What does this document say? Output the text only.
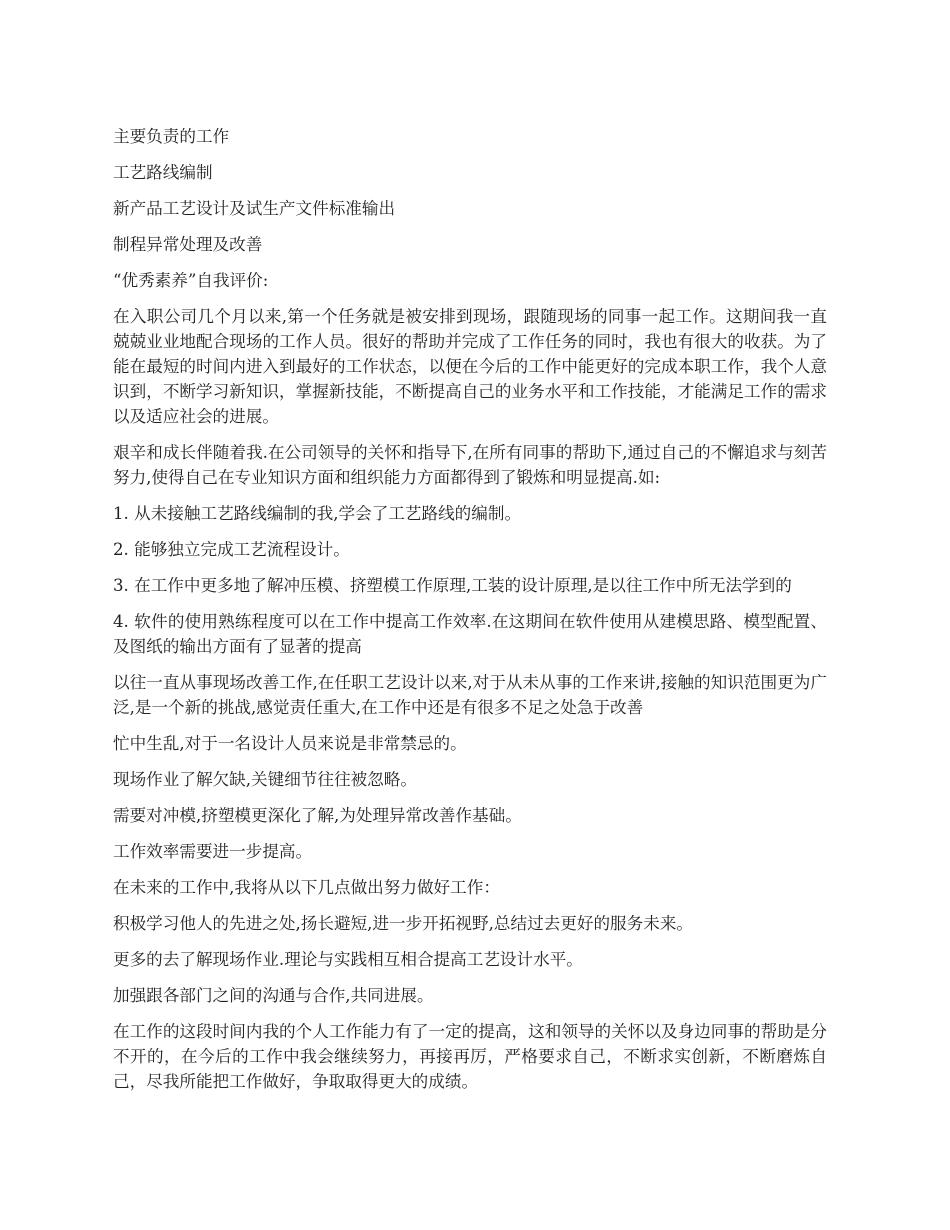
主要负责的工作

工艺路线编制

新产品工艺设计及试生产文件标准输出

制程异常处理及改善

“优秀素养”自我评价:

在入职公司几个月以来,第一个任务就是被安排到现场，跟随现场的同事一起工作。这期间我一直兢兢业业地配合现场的工作人员。很好的帮助并完成了工作任务的同时，我也有很大的收获。为了能在最短的时间内进入到最好的工作状态，以便在今后的工作中能更好的完成本职工作，我个人意识到，不断学习新知识，掌握新技能，不断提高自己的业务水平和工作技能，才能满足工作的需求以及适应社会的进展。

艰辛和成长伴随着我.在公司领导的关怀和指导下,在所有同事的帮助下,通过自己的不懈追求与刻苦努力,使得自己在专业知识方面和组织能力方面都得到了锻炼和明显提高.如:

1. 从未接触工艺路线编制的我,学会了工艺路线的编制。

2. 能够独立完成工艺流程设计。

3. 在工作中更多地了解冲压模、挤塑模工作原理,工装的设计原理,是以往工作中所无法学到的

4. 软件的使用熟练程度可以在工作中提高工作效率.在这期间在软件使用从建模思路、模型配置、及图纸的输出方面有了显著的提高

以往一直从事现场改善工作,在任职工艺设计以来,对于从未从事的工作来讲,接触的知识范围更为广泛,是一个新的挑战,感觉责任重大,在工作中还是有很多不足之处急于改善

忙中生乱,对于一名设计人员来说是非常禁忌的。

现场作业了解欠缺,关键细节往往被忽略。

需要对冲模,挤塑模更深化了解,为处理异常改善作基础。

工作效率需要进一步提高。

在未来的工作中,我将从以下几点做出努力做好工作：

积极学习他人的先进之处,扬长避短,进一步开拓视野,总结过去更好的服务未来。

更多的去了解现场作业.理论与实践相互相合提高工艺设计水平。

加强跟各部门之间的沟通与合作,共同进展。

在工作的这段时间内我的个人工作能力有了一定的提高，这和领导的关怀以及身边同事的帮助是分不开的，在今后的工作中我会继续努力，再接再厉，严格要求自己，不断求实创新，不断磨炼自己，尽我所能把工作做好，争取取得更大的成绩。
